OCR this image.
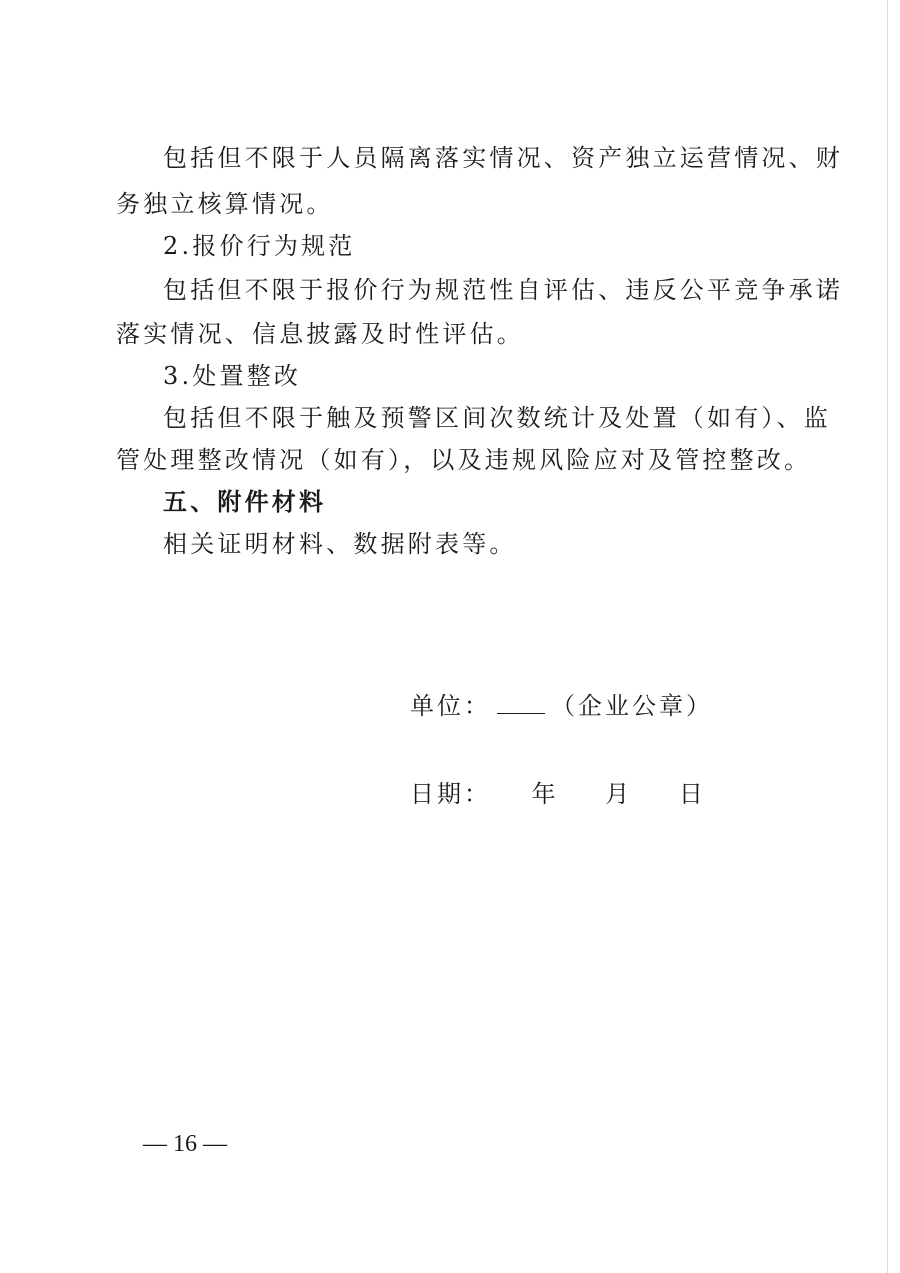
包括但不限于人员隔离落实情况、资产独立运营情况、财
务独立核算情况。
2.报价行为规范
包括但不限于报价行为规范性自评估、违反公平竞争承诺
落实情况、信息披露及时性评估。
3.处置整改
包括但不限于触及预警区间次数统计及处置（如有）、监
管处理整改情况（如有），以及违规风险应对及管控整改。
五、附件材料
相关证明材料、数据附表等。
单位：	（企业公章）
日期： 年 月 日
— 16 —
